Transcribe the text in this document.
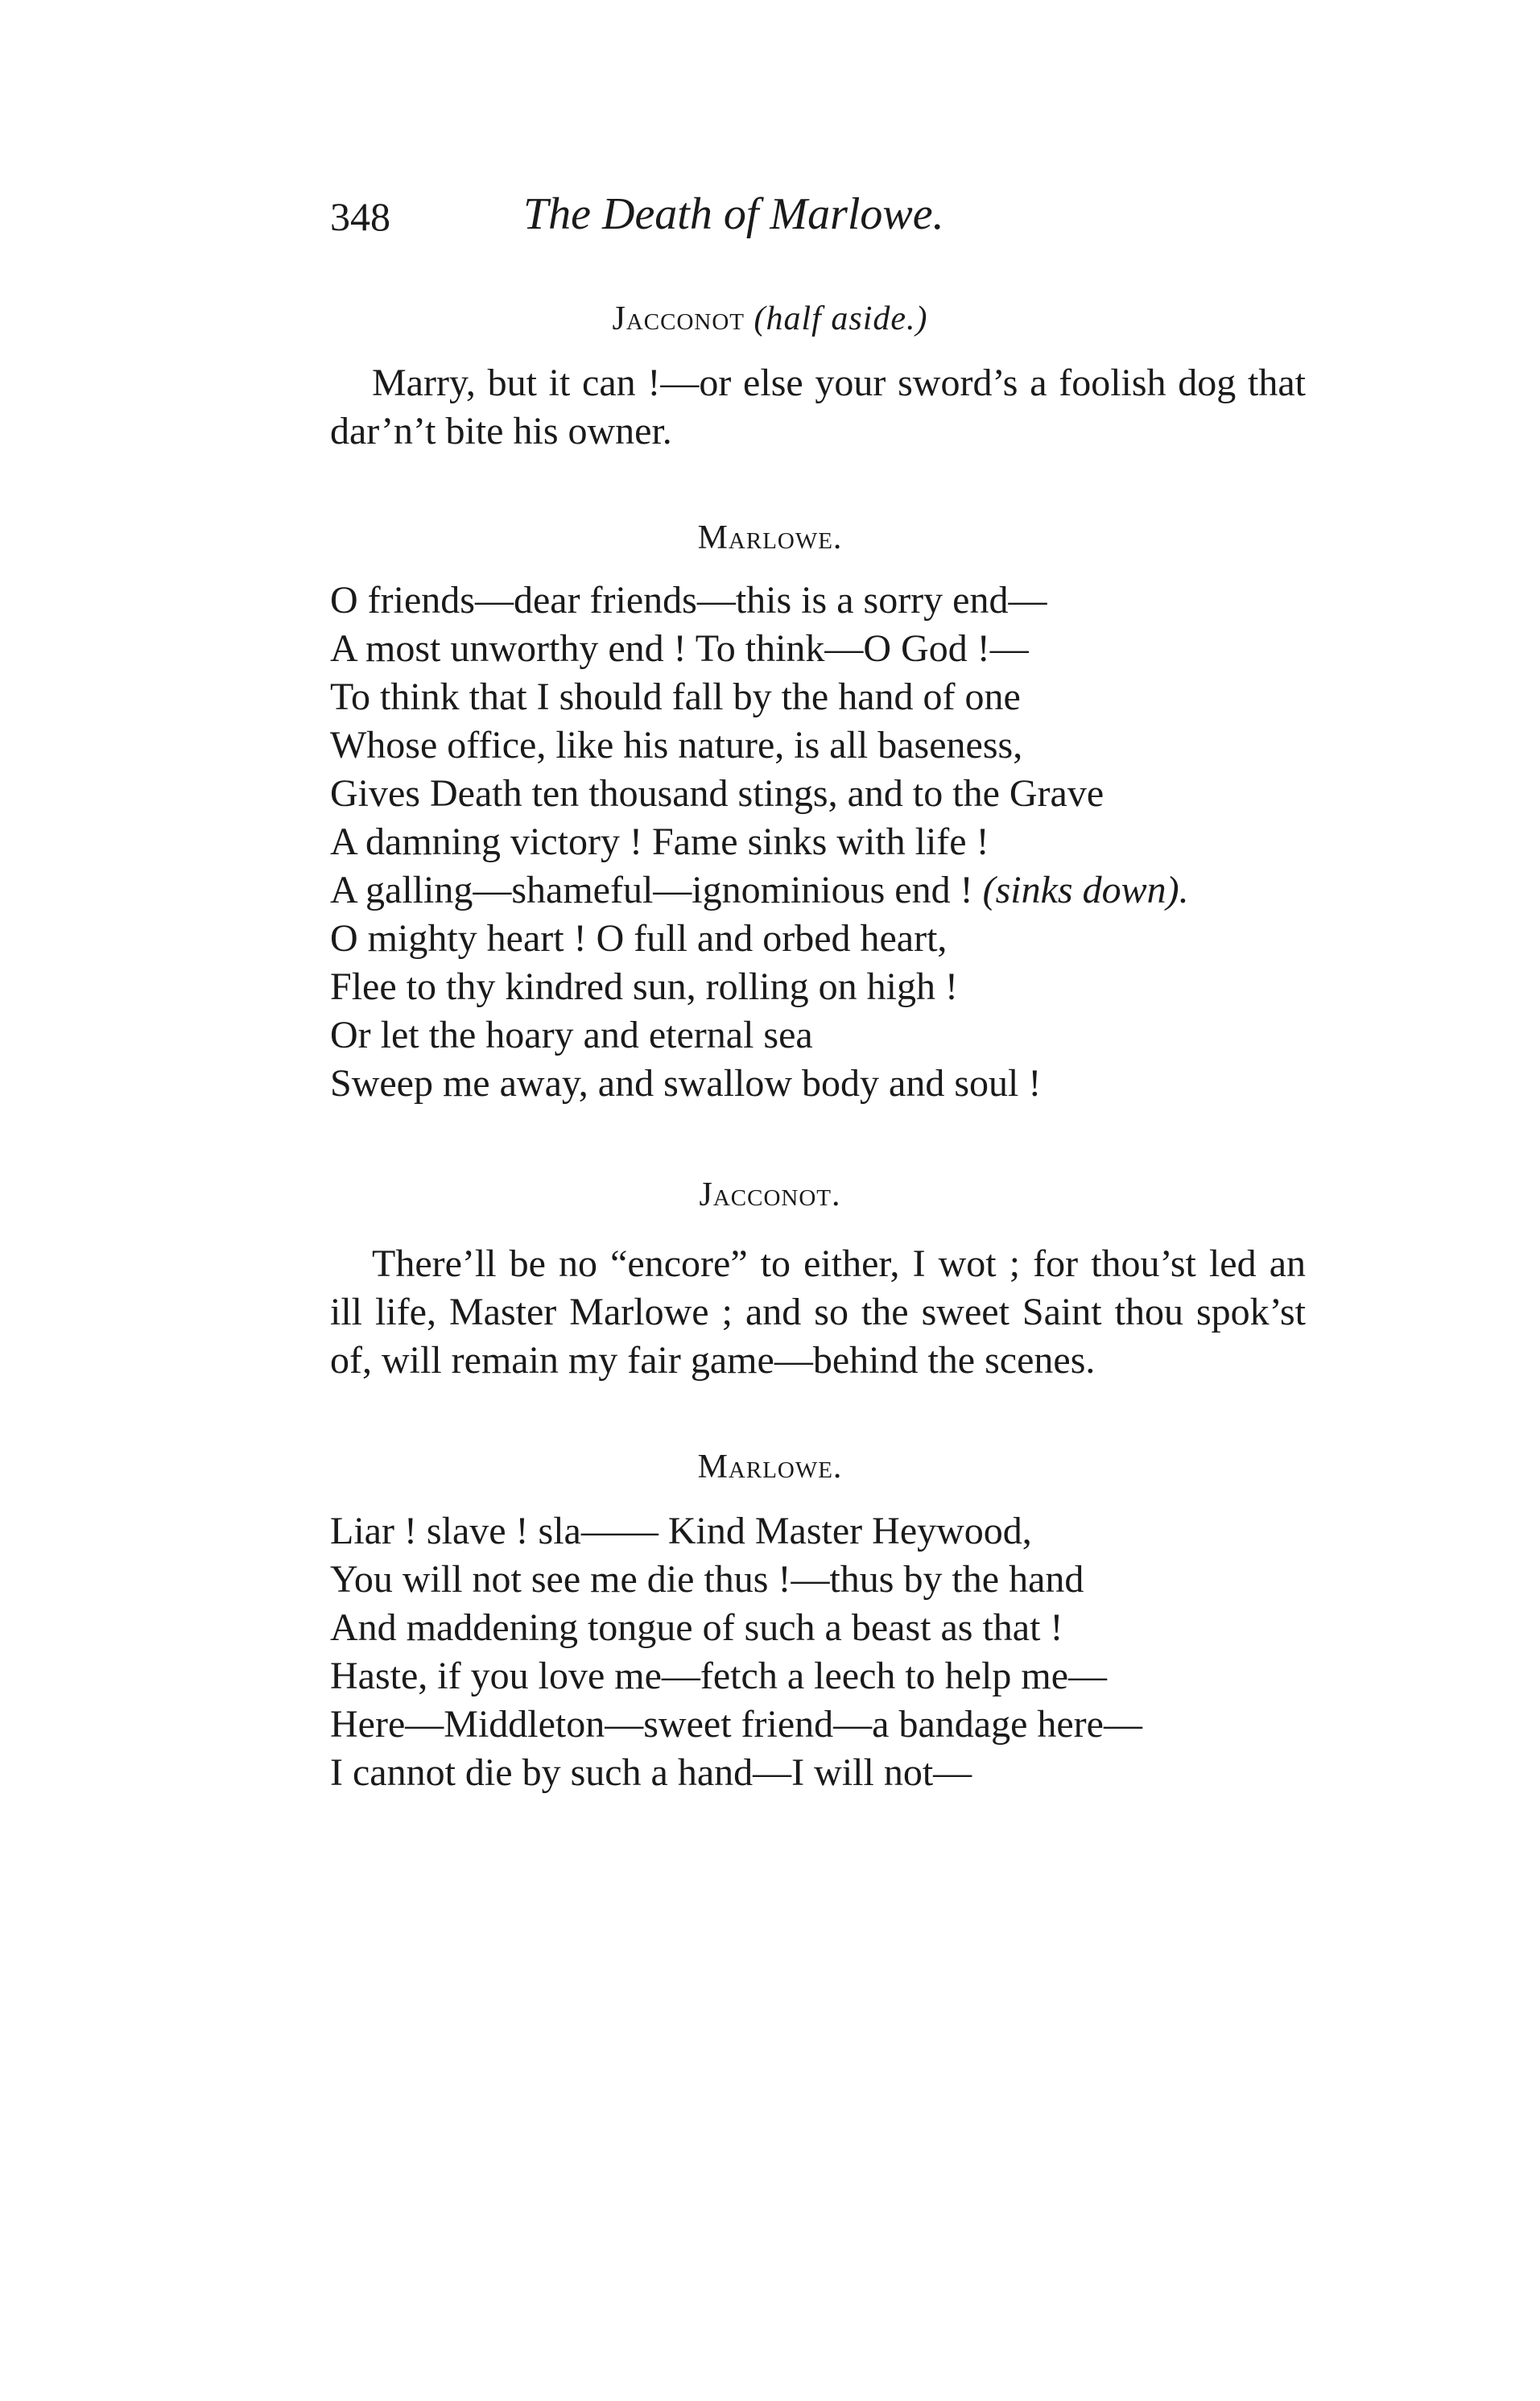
348	The Death of Marlowe.
Jacconot (half aside.)
Marry, but it can !—or else your sword’s a foolish dog that dar’n’t bite his owner.
Marlowe.
O friends—dear friends—this is a sorry end—
A most unworthy end ! To think—O God !—
To think that I should fall by the hand of one
Whose office, like his nature, is all baseness,
Gives Death ten thousand stings, and to the Grave
A damning victory ! Fame sinks with life !
A galling—shameful—ignominious end ! (sinks down).
O mighty heart ! O full and orbed heart,
Flee to thy kindred sun, rolling on high !
Or let the hoary and eternal sea
Sweep me away, and swallow body and soul !
Jacconot.
There’ll be no “encore” to either, I wot ; for thou’st led an ill life, Master Marlowe ; and so the sweet Saint thou spok’st of, will remain my fair game—behind the scenes.
Marlowe.
Liar ! slave ! sla—— Kind Master Heywood,
You will not see me die thus !—thus by the hand
And maddening tongue of such a beast as that !
Haste, if you love me—fetch a leech to help me—
Here—Middleton—sweet friend—a bandage here—
I cannot die by such a hand—I will not—
